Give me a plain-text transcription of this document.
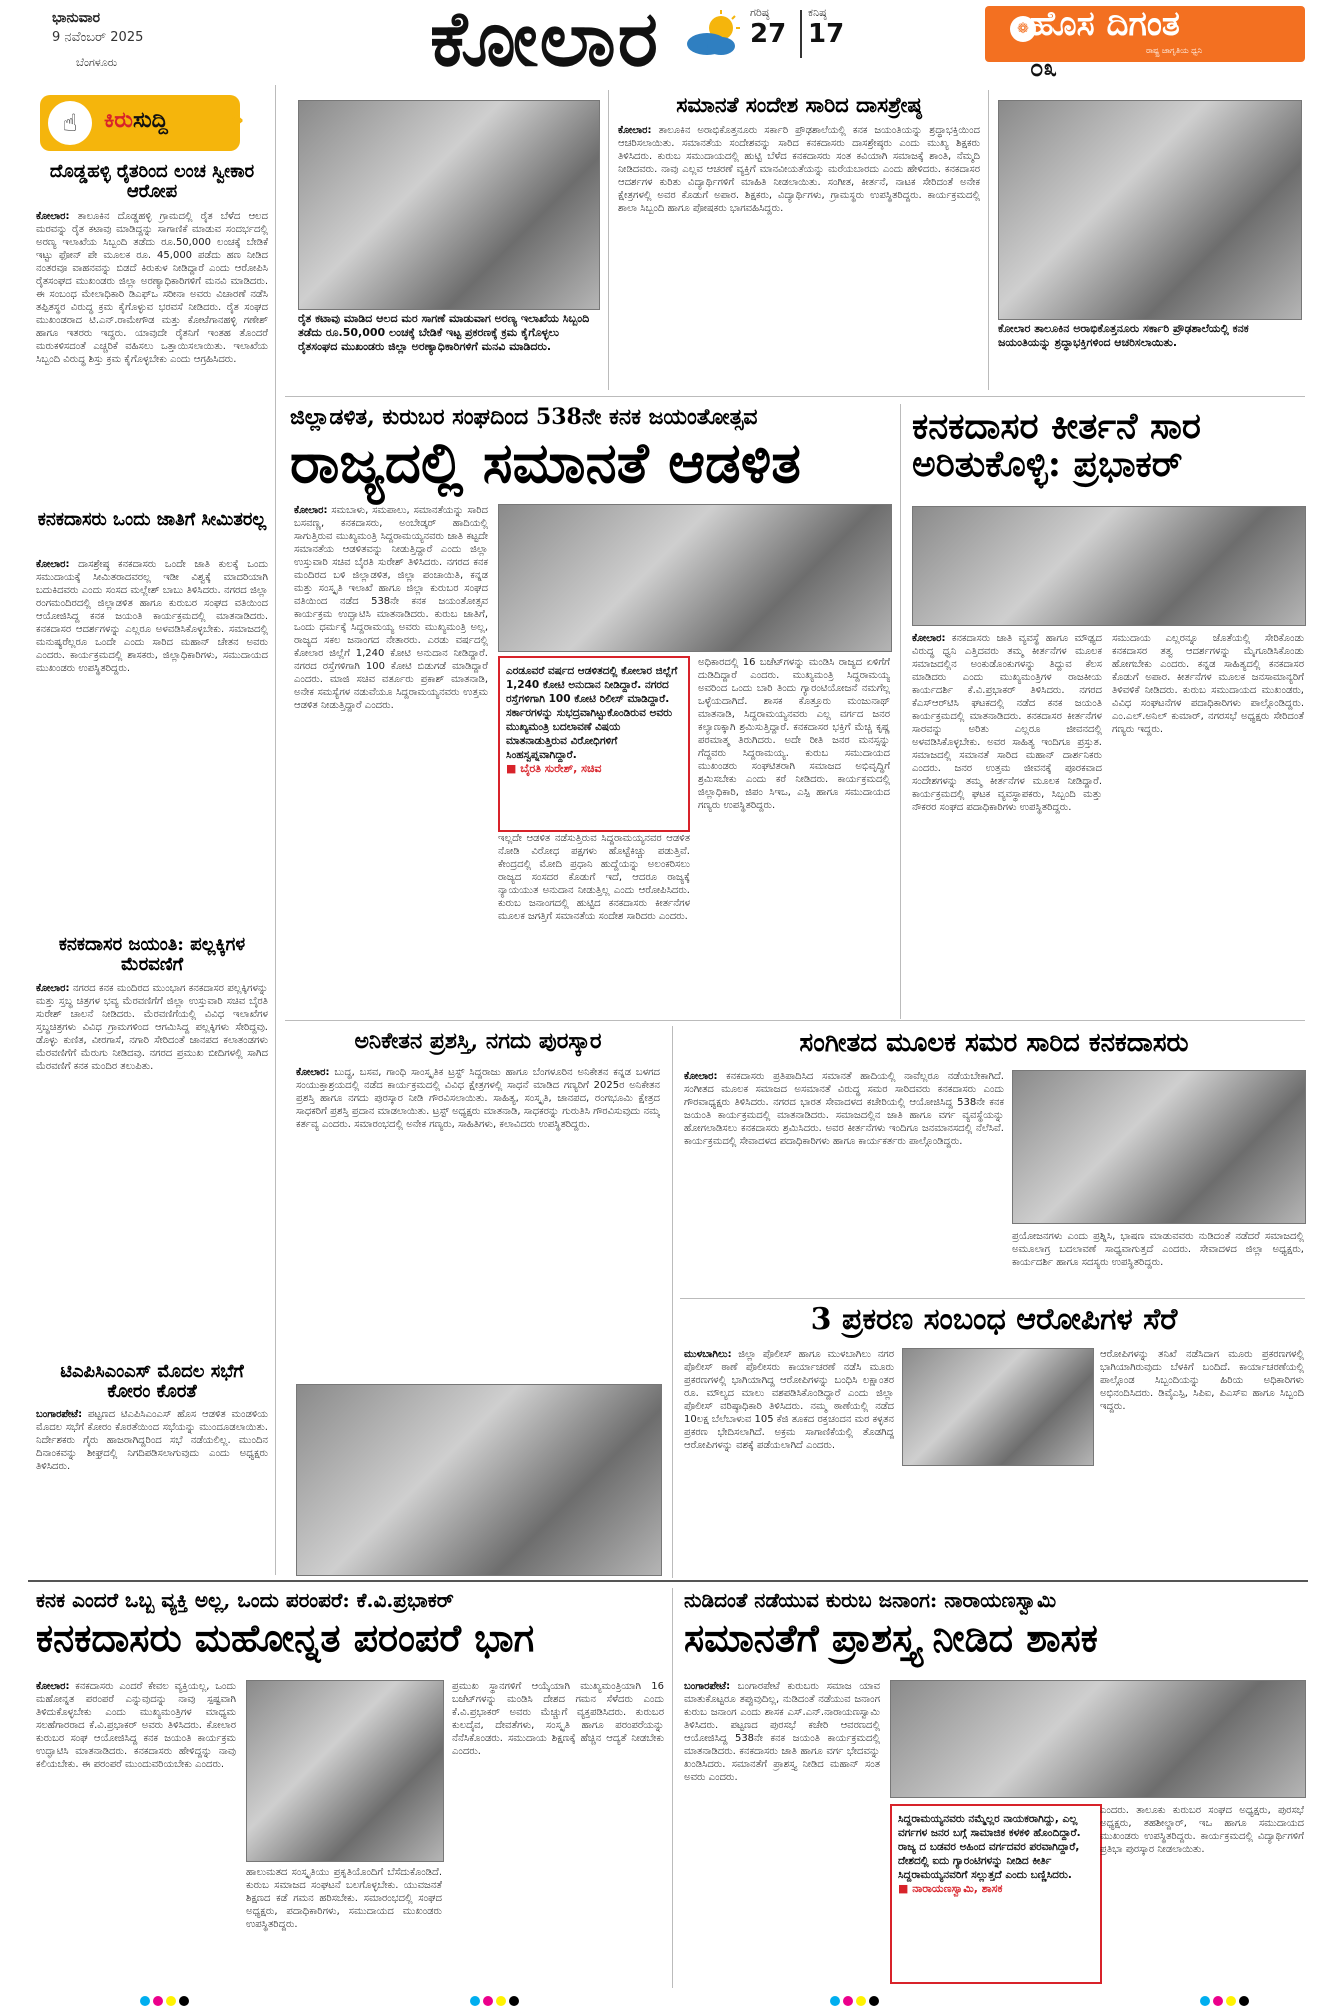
ಭಾನುವಾರ
9 ನವೆಂಬರ್ 2025
ಬೆಂಗಳೂರು	ಕೋಲಾರ	ಗರಿಷ್ಠ
27
ಕನಿಷ್ಠ
17	❁ ಹೊಸ ದಿಗಂತ
ರಾಷ್ಟ್ರ ಜಾಗೃತಿಯ ಧ್ವನಿ
೦೩
☝	ಕಿರುಸುದ್ದಿ	»
ದೊಡ್ಡಹಳ್ಳಿ ರೈತರಿಂದ ಲಂಚ ಸ್ವೀಕಾರ ಆರೋಪ
ಕೋಲಾರ: ತಾಲೂಕಿನ ದೊಡ್ಡಹಳ್ಳಿ ಗ್ರಾಮದಲ್ಲಿ ರೈತ ಬೆಳೆದ ಆಲದ ಮರವನ್ನು ರೈತ ಕಟಾವು ಮಾಡಿದ್ದನ್ನು ಸಾಗಾಣಿಕೆ ಮಾಡುವ ಸಂದರ್ಭದಲ್ಲಿ ಅರಣ್ಯ ಇಲಾಖೆಯ ಸಿಬ್ಬಂದಿ ತಡೆದು ರೂ.50,000 ಲಂಚಕ್ಕೆ ಬೇಡಿಕೆ ಇಟ್ಟು ಫೋನ್ ಪೇ ಮೂಲಕ ರೂ. 45,000 ಪಡೆದು ಹಣ ನೀಡಿದ ನಂತರವೂ ವಾಹನವನ್ನು ಬಿಡದೆ ಕಿರುಕುಳ ನೀಡಿದ್ದಾರೆ ಎಂದು ಆರೋಪಿಸಿ ರೈತಸಂಘದ ಮುಖಂಡರು ಜಿಲ್ಲಾ ಅರಣ್ಯಾಧಿಕಾರಿಗಳಿಗೆ ಮನವಿ ಮಾಡಿದರು. ಈ ಸಂಬಂಧ ಮೇಲಾಧಿಕಾರಿ ಡಿಎಫ್‌ಒ ಸರೀನಾ ಅವರು ವಿಚಾರಣೆ ನಡೆಸಿ ತಪ್ಪಿತಸ್ಥರ ವಿರುದ್ಧ ಕ್ರಮ ಕೈಗೊಳ್ಳುವ ಭರವಸೆ ನೀಡಿದರು. ರೈತ ಸಂಘದ ಮುಖಂಡರಾದ ಟಿ.ಎನ್.ರಾಮೇಗೌಡ ಮತ್ತು ಕೋಟೆಗಾನಹಳ್ಳಿ ಗಣೇಶ್ ಹಾಗೂ ಇತರರು ಇದ್ದರು. ಯಾವುದೇ ರೈತನಿಗೆ ಇಂತಹ ತೊಂದರೆ ಮರುಕಳಿಸದಂತೆ ಎಚ್ಚರಿಕೆ ವಹಿಸಲು ಒತ್ತಾಯಿಸಲಾಯಿತು. ಇಲಾಖೆಯ ಸಿಬ್ಬಂದಿ ವಿರುದ್ಧ ಶಿಸ್ತು ಕ್ರಮ ಕೈಗೊಳ್ಳಬೇಕು ಎಂದು ಆಗ್ರಹಿಸಿದರು.
ಕನಕದಾಸರು ಒಂದು ಜಾತಿಗೆ ಸೀಮಿತರಲ್ಲ
ಕೋಲಾರ: ದಾಸಶ್ರೇಷ್ಠ ಕನಕದಾಸರು ಒಂದೇ ಜಾತಿ ಕುಲಕ್ಕೆ ಒಂದು ಸಮುದಾಯಕ್ಕೆ ಸೀಮಿತರಾದವರಲ್ಲ ಇಡೀ ವಿಶ್ವಕ್ಕೆ ಮಾದರಿಯಾಗಿ ಬದುಕಿದವರು ಎಂದು ಸಂಸದ ಮಲ್ಲೇಶ್ ಬಾಬು ತಿಳಿಸಿದರು. ನಗರದ ಜಿಲ್ಲಾ ರಂಗಮಂದಿರದಲ್ಲಿ ಜಿಲ್ಲಾಡಳಿತ ಹಾಗೂ ಕುರುಬರ ಸಂಘದ ವತಿಯಿಂದ ಆಯೋಜಿಸಿದ್ದ ಕನಕ ಜಯಂತಿ ಕಾರ್ಯಕ್ರಮದಲ್ಲಿ ಮಾತನಾಡಿದರು. ಕನಕದಾಸರ ಆದರ್ಶಗಳನ್ನು ಎಲ್ಲರೂ ಅಳವಡಿಸಿಕೊಳ್ಳಬೇಕು. ಸಮಾಜದಲ್ಲಿ ಮನುಷ್ಯರೆಲ್ಲರೂ ಒಂದೇ ಎಂದು ಸಾರಿದ ಮಹಾನ್ ಚೇತನ ಅವರು ಎಂದರು. ಕಾರ್ಯಕ್ರಮದಲ್ಲಿ ಶಾಸಕರು, ಜಿಲ್ಲಾಧಿಕಾರಿಗಳು, ಸಮುದಾಯದ ಮುಖಂಡರು ಉಪಸ್ಥಿತರಿದ್ದರು.
ಕನಕದಾಸರ ಜಯಂತಿ: ಪಲ್ಲಕ್ಕಿಗಳ ಮೆರವಣಿಗೆ
ಕೋಲಾರ: ನಗರದ ಕನಕ ಮಂದಿರದ ಮುಂಭಾಗ ಕನಕದಾಸರ ಪಲ್ಲಕ್ಕಿಗಳನ್ನು ಮತ್ತು ಸ್ತಬ್ಧ ಚಿತ್ರಗಳ ಭವ್ಯ ಮೆರವಣಿಗೆಗೆ ಜಿಲ್ಲಾ ಉಸ್ತುವಾರಿ ಸಚಿವ ಬೈರತಿ ಸುರೇಶ್ ಚಾಲನೆ ನೀಡಿದರು. ಮೆರವಣಿಗೆಯಲ್ಲಿ ವಿವಿಧ ಇಲಾಖೆಗಳ ಸ್ತಬ್ಧಚಿತ್ರಗಳು ವಿವಿಧ ಗ್ರಾಮಗಳಿಂದ ಆಗಮಿಸಿದ್ದ ಪಲ್ಲಕ್ಕಿಗಳು ಸೇರಿದ್ದವು. ಡೊಳ್ಳು ಕುಣಿತ, ವೀರಗಾಸೆ, ನಗಾರಿ ಸೇರಿದಂತೆ ಜಾನಪದ ಕಲಾತಂಡಗಳು ಮೆರವಣಿಗೆಗೆ ಮೆರುಗು ನೀಡಿದವು. ನಗರದ ಪ್ರಮುಖ ಬೀದಿಗಳಲ್ಲಿ ಸಾಗಿದ ಮೆರವಣಿಗೆ ಕನಕ ಮಂದಿರ ತಲುಪಿತು.
ಟಿಎಪಿಸಿಎಂಎಸ್ ಮೊದಲ ಸಭೆಗೆ ಕೋರಂ ಕೊರತೆ
ಬಂಗಾರಪೇಟೆ: ಪಟ್ಟಣದ ಟಿಎಪಿಸಿಎಂಎಸ್ ಹೊಸ ಆಡಳಿತ ಮಂಡಳಿಯ ಮೊದಲ ಸಭೆಗೆ ಕೋರಂ ಕೊರತೆಯಿಂದ ಸಭೆಯನ್ನು ಮುಂದೂಡಲಾಯಿತು. ನಿರ್ದೇಶಕರು ಗೈರು ಹಾಜರಾಗಿದ್ದರಿಂದ ಸಭೆ ನಡೆಯಲಿಲ್ಲ. ಮುಂದಿನ ದಿನಾಂಕವನ್ನು ಶೀಘ್ರದಲ್ಲಿ ನಿಗದಿಪಡಿಸಲಾಗುವುದು ಎಂದು ಅಧ್ಯಕ್ಷರು ತಿಳಿಸಿದರು.
ರೈತ ಕಟಾವು ಮಾಡಿದ ಆಲದ ಮರ ಸಾಗಣೆ ಮಾಡುವಾಗ ಅರಣ್ಯ ಇಲಾಖೆಯ ಸಿಬ್ಬಂದಿ ತಡೆದು ರೂ.50,000 ಲಂಚಕ್ಕೆ ಬೇಡಿಕೆ ಇಟ್ಟ ಪ್ರಕರಣಕ್ಕೆ ಕ್ರಮ ಕೈಗೊಳ್ಳಲು ರೈತಸಂಘದ ಮುಖಂಡರು ಜಿಲ್ಲಾ ಅರಣ್ಯಾಧಿಕಾರಿಗಳಿಗೆ ಮನವಿ ಮಾಡಿದರು.
ಸಮಾನತೆ ಸಂದೇಶ ಸಾರಿದ ದಾಸಶ್ರೇಷ್ಠ
ಕೋಲಾರ: ತಾಲೂಕಿನ ಅರಾಭಿಕೊತ್ತನೂರು ಸರ್ಕಾರಿ ಪ್ರೌಢಶಾಲೆಯಲ್ಲಿ ಕನಕ ಜಯಂತಿಯನ್ನು ಶ್ರದ್ಧಾಭಕ್ತಿಯಿಂದ ಆಚರಿಸಲಾಯಿತು. ಸಮಾನತೆಯ ಸಂದೇಶವನ್ನು ಸಾರಿದ ಕನಕದಾಸರು ದಾಸಶ್ರೇಷ್ಠರು ಎಂದು ಮುಖ್ಯ ಶಿಕ್ಷಕರು ತಿಳಿಸಿದರು. ಕುರುಬ ಸಮುದಾಯದಲ್ಲಿ ಹುಟ್ಟಿ ಬೆಳೆದ ಕನಕದಾಸರು ಸಂತ ಕವಿಯಾಗಿ ಸಮಾಜಕ್ಕೆ ಶಾಂತಿ, ನೆಮ್ಮದಿ ನೀಡಿದವರು. ನಾವು ಎಲ್ಲವ ಆಚರಣೆ ವ್ಯಕ್ತಿಗೆ ಮಾನವೀಯತೆಯನ್ನು ಮರೆಯಬಾರದು ಎಂದು ಹೇಳಿದರು. ಕನಕದಾಸರ ಆದರ್ಶಗಳ ಕುರಿತು ವಿದ್ಯಾರ್ಥಿಗಳಿಗೆ ಮಾಹಿತಿ ನೀಡಲಾಯಿತು. ಸಂಗೀತ, ಕೀರ್ತನೆ, ನಾಟಕ ಸೇರಿದಂತೆ ಅನೇಕ ಕ್ಷೇತ್ರಗಳಲ್ಲಿ ಅವರ ಕೊಡುಗೆ ಅಪಾರ. ಶಿಕ್ಷಕರು, ವಿದ್ಯಾರ್ಥಿಗಳು, ಗ್ರಾಮಸ್ಥರು ಉಪಸ್ಥಿತರಿದ್ದರು. ಕಾರ್ಯಕ್ರಮದಲ್ಲಿ ಶಾಲಾ ಸಿಬ್ಬಂದಿ ಹಾಗೂ ಪೋಷಕರು ಭಾಗವಹಿಸಿದ್ದರು.
ಕೋಲಾರ ತಾಲೂಕಿನ ಅರಾಭಿಕೊತ್ತನೂರು ಸರ್ಕಾರಿ ಪ್ರೌಢಶಾಲೆಯಲ್ಲಿ ಕನಕ ಜಯಂತಿಯನ್ನು ಶ್ರದ್ಧಾಭಕ್ತಿಗಳಿಂದ ಆಚರಿಸಲಾಯಿತು.
ಜಿಲ್ಲಾಡಳಿತ, ಕುರುಬರ ಸಂಘದಿಂದ 538ನೇ ಕನಕ ಜಯಂತೋತ್ಸವ
ರಾಜ್ಯದಲ್ಲಿ ಸಮಾನತೆ ಆಡಳಿತ
ಕೋಲಾರ: ಸಮಬಾಳು, ಸಮಪಾಲು, ಸಮಾನತೆಯನ್ನು ಸಾರಿದ ಬಸವಣ್ಣ, ಕನಕದಾಸರು, ಅಂಬೇಡ್ಕರ್ ಹಾದಿಯಲ್ಲಿ ಸಾಗುತ್ತಿರುವ ಮುಖ್ಯಮಂತ್ರಿ ಸಿದ್ದರಾಮಯ್ಯನವರು ಜಾತಿ ಕಟ್ಟದೇ ಸಮಾನತೆಯ ಆಡಳಿತವನ್ನು ನೀಡುತ್ತಿದ್ದಾರೆ ಎಂದು ಜಿಲ್ಲಾ ಉಸ್ತುವಾರಿ ಸಚಿವ ಬೈರತಿ ಸುರೇಶ್ ತಿಳಿಸಿದರು. ನಗರದ ಕನಕ ಮಂದಿರದ ಬಳಿ ಜಿಲ್ಲಾಡಳಿತ, ಜಿಲ್ಲಾ ಪಂಚಾಯಿತಿ, ಕನ್ನಡ ಮತ್ತು ಸಂಸ್ಕೃತಿ ಇಲಾಖೆ ಹಾಗೂ ಜಿಲ್ಲಾ ಕುರುಬರ ಸಂಘದ ವತಿಯಿಂದ ನಡೆದ 538ನೇ ಕನಕ ಜಯಂತೋತ್ಸವ ಕಾರ್ಯಕ್ರಮ ಉದ್ಘಾಟಿಸಿ ಮಾತನಾಡಿದರು. ಕುರುಬ ಜಾತಿಗೆ, ಒಂದು ಧರ್ಮಕ್ಕೆ ಸಿದ್ದರಾಮಯ್ಯ ಅವರು ಮುಖ್ಯಮಂತ್ರಿ ಅಲ್ಲ, ರಾಜ್ಯದ ಸಕಲ ಜನಾಂಗದ ನೇತಾರರು. ಎರಡು ವರ್ಷದಲ್ಲಿ ಕೋಲಾರ ಜಿಲ್ಲೆಗೆ 1,240 ಕೋಟಿ ಅನುದಾನ ನೀಡಿದ್ದಾರೆ. ನಗರದ ರಸ್ತೆಗಳಿಗಾಗಿ 100 ಕೋಟಿ ಬಿಡುಗಡೆ ಮಾಡಿದ್ದಾರೆ ಎಂದರು. ಮಾಜಿ ಸಚಿವ ವರ್ತೂರು ಪ್ರಕಾಶ್ ಮಾತನಾಡಿ, ಅನೇಕ ಸಮಸ್ಯೆಗಳ ನಡುವೆಯೂ ಸಿದ್ದರಾಮಯ್ಯನವರು ಉತ್ತಮ ಆಡಳಿತ ನೀಡುತ್ತಿದ್ದಾರೆ ಎಂದರು.
ಎರಡೂವರೆ ವರ್ಷದ ಆಡಳಿತದಲ್ಲಿ ಕೋಲಾರ ಜಿಲ್ಲೆಗೆ 1,240 ಕೋಟಿ ಅನುದಾನ ನೀಡಿದ್ದಾರೆ. ನಗರದ ರಸ್ತೆಗಳಿಗಾಗಿ 100 ಕೋಟಿ ರಿಲೀಸ್ ಮಾಡಿದ್ದಾರೆ. ಸರ್ಕಾರಗಳನ್ನು ಸುಭದ್ರವಾಗಿಟ್ಟುಕೊಂಡಿರುವ ಅವರು ಮುಖ್ಯಮಂತ್ರಿ ಬದಲಾವಣೆ ವಿಷಯ ಮಾತನಾಡುತ್ತಿರುವ ವಿರೋಧಿಗಳಿಗೆ ಸಿಂಹಸ್ವಪ್ನವಾಗಿದ್ದಾರೆ.
■ ಬೈರತಿ ಸುರೇಶ್, ಸಚಿವ
ಇಲ್ಲದೇ ಆಡಳಿತ ನಡೆಸುತ್ತಿರುವ ಸಿದ್ದರಾಮಯ್ಯನವರ ಆಡಳಿತ ನೋಡಿ ವಿರೋಧ ಪಕ್ಷಗಳು ಹೊಟ್ಟೆಕಿಚ್ಚು ಪಡುತ್ತಿವೆ. ಕೇಂದ್ರದಲ್ಲಿ ಮೋದಿ ಪ್ರಧಾನಿ ಹುದ್ದೆಯನ್ನು ಅಲಂಕರಿಸಲು ರಾಜ್ಯದ ಸಂಸದರ ಕೊಡುಗೆ ಇದೆ, ಆದರೂ ರಾಜ್ಯಕ್ಕೆ ನ್ಯಾಯಯುತ ಅನುದಾನ ನೀಡುತ್ತಿಲ್ಲ ಎಂದು ಆರೋಪಿಸಿದರು. ಕುರುಬ ಜನಾಂಗದಲ್ಲಿ ಹುಟ್ಟಿದ ಕನಕದಾಸರು ಕೀರ್ತನೆಗಳ ಮೂಲಕ ಜಗತ್ತಿಗೆ ಸಮಾನತೆಯ ಸಂದೇಶ ಸಾರಿದರು ಎಂದರು.
ಅಧಿಕಾರದಲ್ಲಿ 16 ಬಜೆಟ್‌ಗಳನ್ನು ಮಂಡಿಸಿ ರಾಜ್ಯದ ಏಳಿಗೆಗೆ ದುಡಿದಿದ್ದಾರೆ ಎಂದರು. ಮುಖ್ಯಮಂತ್ರಿ ಸಿದ್ದರಾಮಯ್ಯ ಅವರಿಂದ ಒಂದು ಬಾರಿ ತಿಂದು ಗ್ಯಾರಂಟಿಯೋಜನೆ ನಮಗೆಲ್ಲ ಒಳ್ಳೆಯದಾಗಿದೆ. ಶಾಸಕ ಕೊತ್ತೂರು ಮಂಜುನಾಥ್ ಮಾತನಾಡಿ, ಸಿದ್ದರಾಮಯ್ಯನವರು ಎಲ್ಲ ವರ್ಗದ ಜನರ ಕಲ್ಯಾಣಕ್ಕಾಗಿ ಶ್ರಮಿಸುತ್ತಿದ್ದಾರೆ. ಕನಕದಾಸರ ಭಕ್ತಿಗೆ ಮೆಚ್ಚಿ ಕೃಷ್ಣ ಪರಮಾತ್ಮ ತಿರುಗಿದರು. ಅದೇ ರೀತಿ ಜನರ ಮನಸ್ಸನ್ನು ಗೆದ್ದವರು ಸಿದ್ದರಾಮಯ್ಯ. ಕುರುಬ ಸಮುದಾಯದ ಮುಖಂಡರು ಸಂಘಟಿತರಾಗಿ ಸಮಾಜದ ಅಭಿವೃದ್ಧಿಗೆ ಶ್ರಮಿಸಬೇಕು ಎಂದು ಕರೆ ನೀಡಿದರು. ಕಾರ್ಯಕ್ರಮದಲ್ಲಿ ಜಿಲ್ಲಾಧಿಕಾರಿ, ಜಿಪಂ ಸಿಇಒ, ಎಸ್ಪಿ ಹಾಗೂ ಸಮುದಾಯದ ಗಣ್ಯರು ಉಪಸ್ಥಿತರಿದ್ದರು.
ಕನಕದಾಸರ ಕೀರ್ತನೆ ಸಾರ ಅರಿತುಕೊಳ್ಳಿ: ಪ್ರಭಾಕರ್
ಕೋಲಾರ: ಕನಕದಾಸರು ಜಾತಿ ವ್ಯವಸ್ಥೆ ಹಾಗೂ ಮೌಢ್ಯದ ವಿರುದ್ಧ ಧ್ವನಿ ಎತ್ತಿದವರು ತಮ್ಮ ಕೀರ್ತನೆಗಳ ಮೂಲಕ ಸಮಾಜದಲ್ಲಿನ ಅಂಕುಡೊಂಕುಗಳನ್ನು ತಿದ್ದುವ ಕೆಲಸ ಮಾಡಿದರು ಎಂದು ಮುಖ್ಯಮಂತ್ರಿಗಳ ರಾಜಕೀಯ ಕಾರ್ಯದರ್ಶಿ ಕೆ.ವಿ.ಪ್ರಭಾಕರ್ ತಿಳಿಸಿದರು. ನಗರದ ಕೆಎಸ್‌ಆರ್‌ಟಿಸಿ ಘಟಕದಲ್ಲಿ ನಡೆದ ಕನಕ ಜಯಂತಿ ಕಾರ್ಯಕ್ರಮದಲ್ಲಿ ಮಾತನಾಡಿದರು. ಕನಕದಾಸರ ಕೀರ್ತನೆಗಳ ಸಾರವನ್ನು ಅರಿತು ಎಲ್ಲರೂ ಜೀವನದಲ್ಲಿ ಅಳವಡಿಸಿಕೊಳ್ಳಬೇಕು. ಅವರ ಸಾಹಿತ್ಯ ಇಂದಿಗೂ ಪ್ರಸ್ತುತ. ಸಮಾಜದಲ್ಲಿ ಸಮಾನತೆ ಸಾರಿದ ಮಹಾನ್ ದಾರ್ಶನಿಕರು ಎಂದರು. ಜನರ ಉತ್ತಮ ಜೀವನಕ್ಕೆ ಪೂರಕವಾದ ಸಂದೇಶಗಳನ್ನು ತಮ್ಮ ಕೀರ್ತನೆಗಳ ಮೂಲಕ ನೀಡಿದ್ದಾರೆ. ಕಾರ್ಯಕ್ರಮದಲ್ಲಿ ಘಟಕ ವ್ಯವಸ್ಥಾಪಕರು, ಸಿಬ್ಬಂದಿ ಮತ್ತು ನೌಕರರ ಸಂಘದ ಪದಾಧಿಕಾರಿಗಳು ಉಪಸ್ಥಿತರಿದ್ದರು.
ಸಮುದಾಯ ಎಲ್ಲರನ್ನೂ ಜೊತೆಯಲ್ಲಿ ಸೇರಿಕೊಂಡು ಕನಕದಾಸರ ತತ್ವ ಆದರ್ಶಗಳನ್ನು ಮೈಗೂಡಿಸಿಕೊಂಡು ಹೋಗಬೇಕು ಎಂದರು. ಕನ್ನಡ ಸಾಹಿತ್ಯದಲ್ಲಿ ಕನಕದಾಸರ ಕೊಡುಗೆ ಅಪಾರ. ಕೀರ್ತನೆಗಳ ಮೂಲಕ ಜನಸಾಮಾನ್ಯರಿಗೆ ತಿಳಿವಳಿಕೆ ನೀಡಿದರು. ಕುರುಬ ಸಮುದಾಯದ ಮುಖಂಡರು, ವಿವಿಧ ಸಂಘಟನೆಗಳ ಪದಾಧಿಕಾರಿಗಳು ಪಾಲ್ಗೊಂಡಿದ್ದರು. ಎಂ.ಎಲ್.ಅನಿಲ್ ಕುಮಾರ್, ನಗರಸಭೆ ಅಧ್ಯಕ್ಷರು ಸೇರಿದಂತೆ ಗಣ್ಯರು ಇದ್ದರು.
ಅನಿಕೇತನ ಪ್ರಶಸ್ತಿ, ನಗದು ಪುರಸ್ಕಾರ
ಕೋಲಾರ: ಬುದ್ಧ, ಬಸವ, ಗಾಂಧಿ ಸಾಂಸ್ಕೃತಿಕ ಟ್ರಸ್ಟ್ ಸಿದ್ದರಾಜು ಹಾಗೂ ಬೆಂಗಳೂರಿನ ಅನಿಕೇತನ ಕನ್ನಡ ಬಳಗದ ಸಂಯುಕ್ತಾಶ್ರಯದಲ್ಲಿ ನಡೆದ ಕಾರ್ಯಕ್ರಮದಲ್ಲಿ ವಿವಿಧ ಕ್ಷೇತ್ರಗಳಲ್ಲಿ ಸಾಧನೆ ಮಾಡಿದ ಗಣ್ಯರಿಗೆ 2025ರ ಅನಿಕೇತನ ಪ್ರಶಸ್ತಿ ಹಾಗೂ ನಗದು ಪುರಸ್ಕಾರ ನೀಡಿ ಗೌರವಿಸಲಾಯಿತು. ಸಾಹಿತ್ಯ, ಸಂಸ್ಕೃತಿ, ಜಾನಪದ, ರಂಗಭೂಮಿ ಕ್ಷೇತ್ರದ ಸಾಧಕರಿಗೆ ಪ್ರಶಸ್ತಿ ಪ್ರದಾನ ಮಾಡಲಾಯಿತು. ಟ್ರಸ್ಟ್ ಅಧ್ಯಕ್ಷರು ಮಾತನಾಡಿ, ಸಾಧಕರನ್ನು ಗುರುತಿಸಿ ಗೌರವಿಸುವುದು ನಮ್ಮ ಕರ್ತವ್ಯ ಎಂದರು. ಸಮಾರಂಭದಲ್ಲಿ ಅನೇಕ ಗಣ್ಯರು, ಸಾಹಿತಿಗಳು, ಕಲಾವಿದರು ಉಪಸ್ಥಿತರಿದ್ದರು.
ಸಂಗೀತದ ಮೂಲಕ ಸಮರ ಸಾರಿದ ಕನಕದಾಸರು
ಕೋಲಾರ: ಕನಕದಾಸರು ಪ್ರತಿಪಾದಿಸಿದ ಸಮಾನತೆ ಹಾದಿಯಲ್ಲಿ ನಾವೆಲ್ಲರೂ ನಡೆಯಬೇಕಾಗಿದೆ. ಸಂಗೀತದ ಮೂಲಕ ಸಮಾಜದ ಅಸಮಾನತೆ ವಿರುದ್ಧ ಸಮರ ಸಾರಿದವರು ಕನಕದಾಸರು ಎಂದು ಗೌರವಾಧ್ಯಕ್ಷರು ತಿಳಿಸಿದರು. ನಗರದ ಭಾರತ ಸೇವಾದಳದ ಕಚೇರಿಯಲ್ಲಿ ಆಯೋಜಿಸಿದ್ದ 538ನೇ ಕನಕ ಜಯಂತಿ ಕಾರ್ಯಕ್ರಮದಲ್ಲಿ ಮಾತನಾಡಿದರು. ಸಮಾಜದಲ್ಲಿನ ಜಾತಿ ಹಾಗೂ ವರ್ಗ ವ್ಯವಸ್ಥೆಯನ್ನು ಹೋಗಲಾಡಿಸಲು ಕನಕದಾಸರು ಶ್ರಮಿಸಿದರು. ಅವರ ಕೀರ್ತನೆಗಳು ಇಂದಿಗೂ ಜನಮಾನಸದಲ್ಲಿ ನೆಲೆಸಿವೆ. ಕಾರ್ಯಕ್ರಮದಲ್ಲಿ ಸೇವಾದಳದ ಪದಾಧಿಕಾರಿಗಳು ಹಾಗೂ ಕಾರ್ಯಕರ್ತರು ಪಾಲ್ಗೊಂಡಿದ್ದರು.
ಪ್ರಯೋಜನಗಳು ಎಂದು ಪ್ರಶ್ನಿಸಿ, ಭಾಷಣ ಮಾಡುವವರು ನುಡಿದಂತೆ ನಡೆದರೆ ಸಮಾಜದಲ್ಲಿ ಅಮೂಲಾಗ್ರ ಬದಲಾವಣೆ ಸಾಧ್ಯವಾಗುತ್ತದೆ ಎಂದರು. ಸೇವಾದಳದ ಜಿಲ್ಲಾ ಅಧ್ಯಕ್ಷರು, ಕಾರ್ಯದರ್ಶಿ ಹಾಗೂ ಸದಸ್ಯರು ಉಪಸ್ಥಿತರಿದ್ದರು.
3 ಪ್ರಕರಣ ಸಂಬಂಧ ಆರೋಪಿಗಳ ಸೆರೆ
ಮುಳಬಾಗಿಲು: ಜಿಲ್ಲಾ ಪೊಲೀಸ್ ಹಾಗೂ ಮುಳಬಾಗಿಲು ನಗರ ಪೊಲೀಸ್ ಠಾಣೆ ಪೊಲೀಸರು ಕಾರ್ಯಾಚರಣೆ ನಡೆಸಿ ಮೂರು ಪ್ರಕರಣಗಳಲ್ಲಿ ಭಾಗಿಯಾಗಿದ್ದ ಆರೋಪಿಗಳನ್ನು ಬಂಧಿಸಿ ಲಕ್ಷಾಂತರ ರೂ. ಮೌಲ್ಯದ ಮಾಲು ವಶಪಡಿಸಿಕೊಂಡಿದ್ದಾರೆ ಎಂದು ಜಿಲ್ಲಾ ಪೊಲೀಸ್ ವರಿಷ್ಠಾಧಿಕಾರಿ ತಿಳಿಸಿದರು. ನಮ್ಮ ಠಾಣೆಯಲ್ಲಿ ನಡೆದ 10ಲಕ್ಷ ಬೆಲೆಬಾಳುವ 105 ಕೆಜಿ ತೂಕದ ರಕ್ತಚಂದನ ಮರ ಕಳ್ಳತನ ಪ್ರಕರಣ ಭೇದಿಸಲಾಗಿದೆ. ಅಕ್ರಮ ಸಾಗಾಣಿಕೆಯಲ್ಲಿ ತೊಡಗಿದ್ದ ಆರೋಪಿಗಳನ್ನು ವಶಕ್ಕೆ ಪಡೆಯಲಾಗಿದೆ ಎಂದರು.
ಆರೋಪಿಗಳನ್ನು ತನಿಖೆ ನಡೆಸಿದಾಗ ಮೂರು ಪ್ರಕರಣಗಳಲ್ಲಿ ಭಾಗಿಯಾಗಿರುವುದು ಬೆಳಕಿಗೆ ಬಂದಿದೆ. ಕಾರ್ಯಾಚರಣೆಯಲ್ಲಿ ಪಾಲ್ಗೊಂಡ ಸಿಬ್ಬಂದಿಯನ್ನು ಹಿರಿಯ ಅಧಿಕಾರಿಗಳು ಅಭಿನಂದಿಸಿದರು. ಡಿವೈಎಸ್ಪಿ, ಸಿಪಿಐ, ಪಿಎಸ್ಐ ಹಾಗೂ ಸಿಬ್ಬಂದಿ ಇದ್ದರು.
ಕನಕ ಎಂದರೆ ಒಬ್ಬ ವ್ಯಕ್ತಿ ಅಲ್ಲ, ಒಂದು ಪರಂಪರೆ: ಕೆ.ವಿ.ಪ್ರಭಾಕರ್
ಕನಕದಾಸರು ಮಹೋನ್ನತ ಪರಂಪರೆ ಭಾಗ
ಕೋಲಾರ: ಕನಕದಾಸರು ಎಂದರೆ ಕೇವಲ ವ್ಯಕ್ತಿಯಲ್ಲ, ಒಂದು ಮಹೋನ್ನತ ಪರಂಪರೆ ಎನ್ನುವುದನ್ನು ನಾವು ಸ್ಪಷ್ಟವಾಗಿ ತಿಳಿದುಕೊಳ್ಳಬೇಕು ಎಂದು ಮುಖ್ಯಮಂತ್ರಿಗಳ ಮಾಧ್ಯಮ ಸಲಹೆಗಾರರಾದ ಕೆ.ವಿ.ಪ್ರಭಾಕರ್ ಅವರು ತಿಳಿಸಿದರು. ಕೋಲಾರ ಕುರುಬರ ಸಂಘ ಆಯೋಜಿಸಿದ್ದ ಕನಕ ಜಯಂತಿ ಕಾರ್ಯಕ್ರಮ ಉದ್ಘಾಟಿಸಿ ಮಾತನಾಡಿದರು. ಕನಕದಾಸರು ಹೇಳಿದ್ದನ್ನು ನಾವು ಕಲಿಯಬೇಕು. ಈ ಪರಂಪರೆ ಮುಂದುವರಿಯಬೇಕು ಎಂದರು.
ಪ್ರಮುಖ ಸ್ಥಾನಗಳಿಗೆ ಆಯ್ಕೆಯಾಗಿ ಮುಖ್ಯಮಂತ್ರಿಯಾಗಿ 16 ಬಜೆಟ್‌ಗಳನ್ನು ಮಂಡಿಸಿ ದೇಶದ ಗಮನ ಸೆಳೆದರು ಎಂದು ಕೆ.ವಿ.ಪ್ರಭಾಕರ್ ಅವರು ಮೆಚ್ಚುಗೆ ವ್ಯಕ್ತಪಡಿಸಿದರು. ಕುರುಬರ ಕುಲದೈವ, ದೇವತೆಗಳು, ಸಂಸ್ಕೃತಿ ಹಾಗೂ ಪರಂಪರೆಯನ್ನು ನೆನೆಸಿಕೊಂಡರು. ಸಮುದಾಯ ಶಿಕ್ಷಣಕ್ಕೆ ಹೆಚ್ಚಿನ ಆದ್ಯತೆ ನೀಡಬೇಕು ಎಂದರು.
ಹಾಲುಮತದ ಸಂಸ್ಕೃತಿಯು ಪ್ರಕೃತಿಯೊಂದಿಗೆ ಬೆಸೆದುಕೊಂಡಿದೆ. ಕುರುಬ ಸಮಾಜದ ಸಂಘಟನೆ ಬಲಗೊಳ್ಳಬೇಕು. ಯುವಜನತೆ ಶಿಕ್ಷಣದ ಕಡೆ ಗಮನ ಹರಿಸಬೇಕು. ಸಮಾರಂಭದಲ್ಲಿ ಸಂಘದ ಅಧ್ಯಕ್ಷರು, ಪದಾಧಿಕಾರಿಗಳು, ಸಮುದಾಯದ ಮುಖಂಡರು ಉಪಸ್ಥಿತರಿದ್ದರು.
ನುಡಿದಂತೆ ನಡೆಯುವ ಕುರುಬ ಜನಾಂಗ: ನಾರಾಯಣಸ್ವಾಮಿ
ಸಮಾನತೆಗೆ ಪ್ರಾಶಸ್ತ್ಯ ನೀಡಿದ ಶಾಸಕ
ಬಂಗಾರಪೇಟೆ: ಬಂಗಾರಪೇಟೆ ಕುರುಬರು ಸಮಾಜ ಯಾವ ಮಾತುಕೊಟ್ಟರೂ ತಪ್ಪುವುದಿಲ್ಲ, ನುಡಿದಂತೆ ನಡೆಯುವ ಜನಾಂಗ ಕುರುಬ ಜನಾಂಗ ಎಂದು ಶಾಸಕ ಎಸ್.ಎನ್.ನಾರಾಯಣಸ್ವಾಮಿ ತಿಳಿಸಿದರು. ಪಟ್ಟಣದ ಪುರಸಭೆ ಕಚೇರಿ ಆವರಣದಲ್ಲಿ ಆಯೋಜಿಸಿದ್ದ 538ನೇ ಕನಕ ಜಯಂತಿ ಕಾರ್ಯಕ್ರಮದಲ್ಲಿ ಮಾತನಾಡಿದರು. ಕನಕದಾಸರು ಜಾತಿ ಹಾಗೂ ವರ್ಗ ಭೇದವನ್ನು ಖಂಡಿಸಿದರು. ಸಮಾನತೆಗೆ ಪ್ರಾಶಸ್ತ್ಯ ನೀಡಿದ ಮಹಾನ್ ಸಂತ ಅವರು ಎಂದರು.
ಸಿದ್ದರಾಮಯ್ಯನವರು ನಮ್ಮೆಲ್ಲರ ನಾಯಕರಾಗಿದ್ದು, ಎಲ್ಲ ವರ್ಗಗಳ ಜನರ ಬಗ್ಗೆ ಸಾಮಾಜಿಕ ಕಳಕಳಿ ಹೊಂದಿದ್ದಾರೆ. ರಾಜ್ಯ ದ ಬಡವರ ಅಹಿಂದ ವರ್ಗದವರ ಪರವಾಗಿದ್ದಾರೆ, ದೇಶದಲ್ಲಿ ಐದು ಗ್ಯಾರಂಟಿಗಳನ್ನು ನೀಡಿದ ಕೀರ್ತಿ ಸಿದ್ದರಾಮಯ್ಯನವರಿಗೆ ಸಲ್ಲುತ್ತದೆ ಎಂದು ಬಣ್ಣಿಸಿದರು.
■ ನಾರಾಯಣಸ್ವಾಮಿ, ಶಾಸಕ
ಎಂದರು. ತಾಲೂಕು ಕುರುಬರ ಸಂಘದ ಅಧ್ಯಕ್ಷರು, ಪುರಸಭೆ ಅಧ್ಯಕ್ಷರು, ತಹಶೀಲ್ದಾರ್, ಇಒ ಹಾಗೂ ಸಮುದಾಯದ ಮುಖಂಡರು ಉಪಸ್ಥಿತರಿದ್ದರು. ಕಾರ್ಯಕ್ರಮದಲ್ಲಿ ವಿದ್ಯಾರ್ಥಿಗಳಿಗೆ ಪ್ರತಿಭಾ ಪುರಸ್ಕಾರ ನೀಡಲಾಯಿತು.
